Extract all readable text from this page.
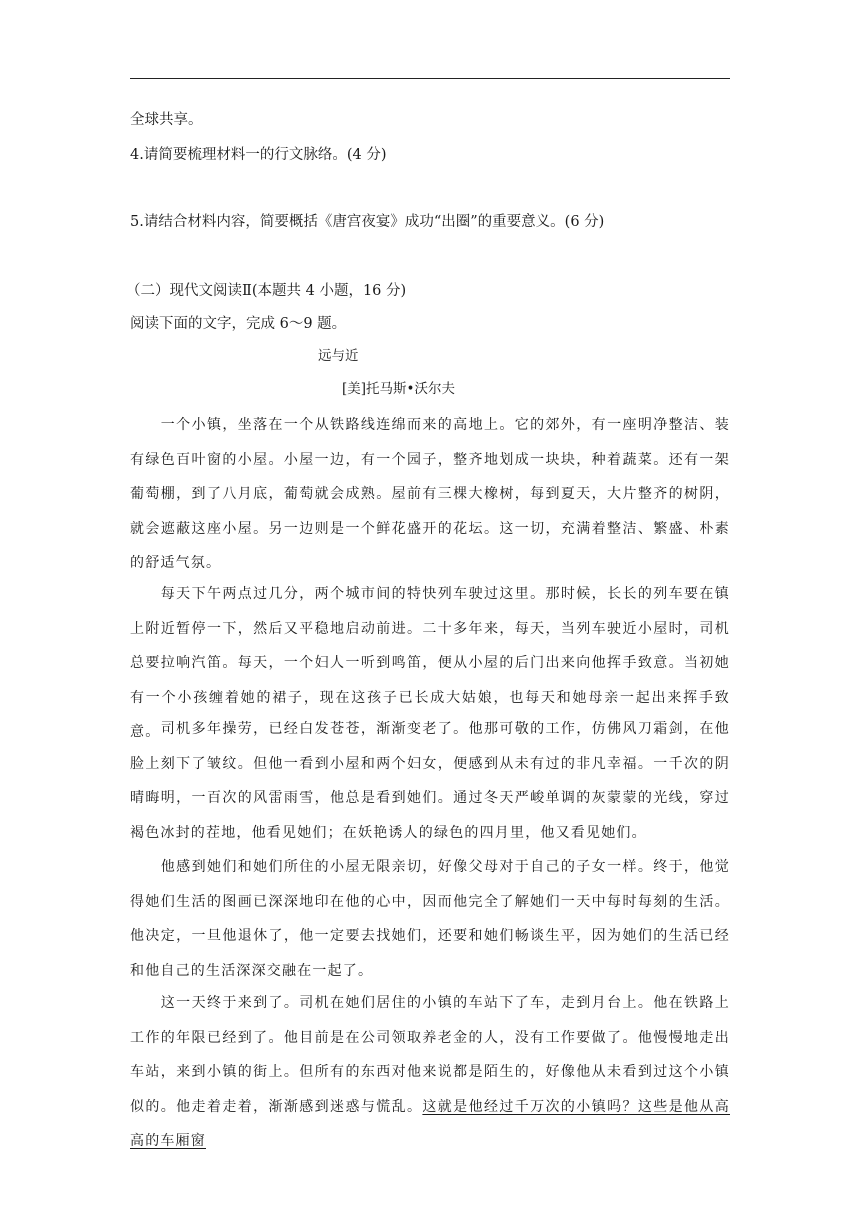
全球共享。
4.请简要梳理材料一的行文脉络。(4 分)
5.请结合材料内容，简要概括《唐宫夜宴》成功“出圈”的重要意义。(6 分)
（二）现代文阅读Ⅱ(本题共 4 小题，16 分)
阅读下面的文字，完成 6～9 题。
远与近
[美]托马斯•沃尔夫
一个小镇，坐落在一个从铁路线连绵而来的高地上。它的郊外，有一座明净整洁、装有绿色百叶窗的小屋。小屋一边，有一个园子，整齐地划成一块块，种着蔬菜。还有一架葡萄棚，到了八月底，葡萄就会成熟。屋前有三棵大橡树，每到夏天，大片整齐的树阴，就会遮蔽这座小屋。另一边则是一个鲜花盛开的花坛。这一切，充满着整洁、繁盛、朴素的舒适气氛。
每天下午两点过几分，两个城市间的特快列车驶过这里。那时候，长长的列车要在镇上附近暂停一下，然后又平稳地启动前进。二十多年来，每天，当列车驶近小屋时，司机总要拉响汽笛。每天，一个妇人一听到鸣笛，便从小屋的后门出来向他挥手致意。当初她有一个小孩缠着她的裙子，现在这孩子已长成大姑娘，也每天和她母亲一起出来挥手致意。 司机多年操劳，已经白发苍苍，渐渐变老了。他那可敬的工作，仿佛风刀霜剑，在他脸上刻下了皱纹。但他一看到小屋和两个妇女，便感到从未有过的非凡幸福。一千次的阴晴晦明，一百次的风雷雨雪，他总是看到她们。通过冬天严峻单调的灰蒙蒙的光线，穿过褐色冰封的茬地，他看见她们；在妖艳诱人的绿色的四月里，他又看见她们。
他感到她们和她们所住的小屋无限亲切，好像父母对于自己的子女一样。终于，他觉得她们生活的图画已深深地印在他的心中，因而他完全了解她们一天中每时每刻的生活。他决定，一旦他退休了，他一定要去找她们，还要和她们畅谈生平，因为她们的生活已经和他自己的生活深深交融在一起了。
这一天终于来到了。司机在她们居住的小镇的车站下了车，走到月台上。他在铁路上工作的年限已经到了。他目前是在公司领取养老金的人，没有工作要做了。他慢慢地走出车站，来到小镇的街上。但所有的东西对他来说都是陌生的，好像他从未看到过这个小镇似的。他走着走着，渐渐感到迷惑与慌乱。这就是他经过千万次的小镇吗？这些是他从高高的车厢窗
